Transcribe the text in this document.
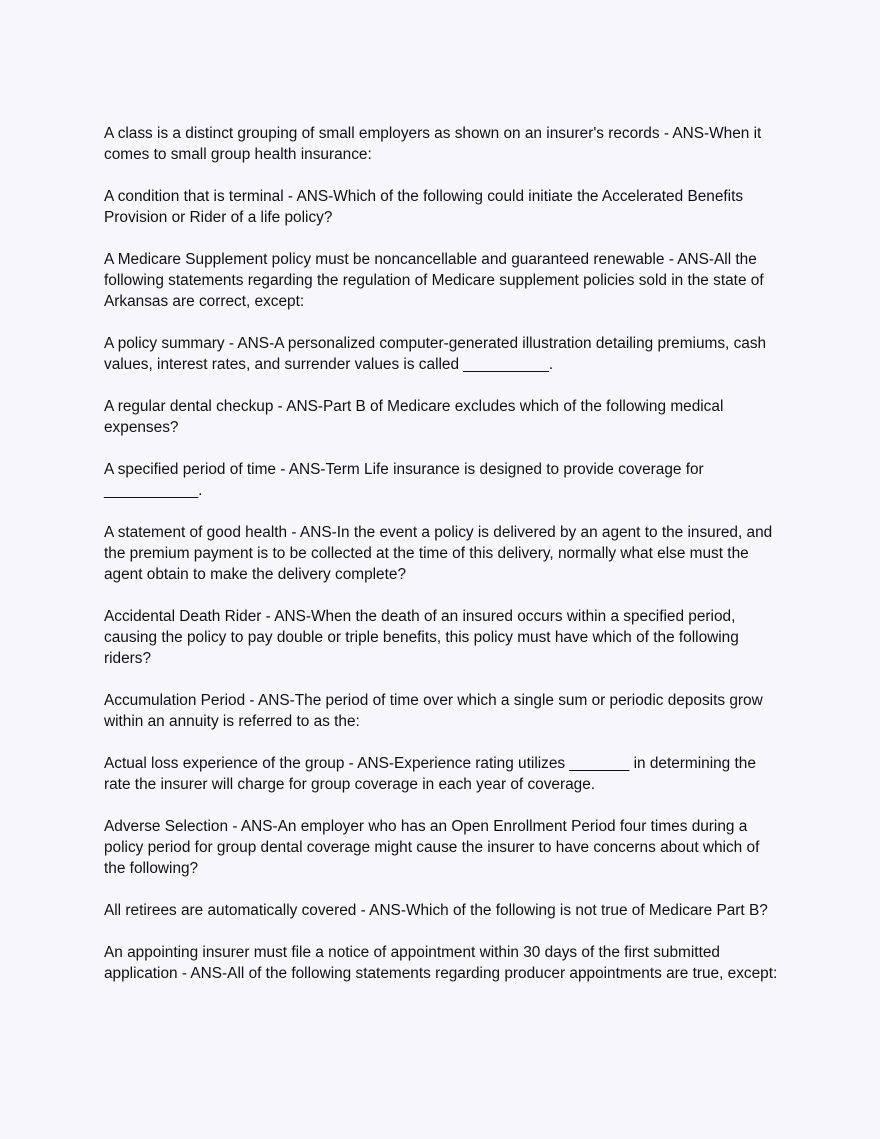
A class is a distinct grouping of small employers as shown on an insurer's records - ANS-When it comes to small group health insurance:

A condition that is terminal - ANS-Which of the following could initiate the Accelerated Benefits Provision or Rider of a life policy?

A Medicare Supplement policy must be noncancellable and guaranteed renewable - ANS-All the following statements regarding the regulation of Medicare supplement policies sold in the state of Arkansas are correct, except:

A policy summary - ANS-A personalized computer-generated illustration detailing premiums, cash values, interest rates, and surrender values is called __________.

A regular dental checkup - ANS-Part B of Medicare excludes which of the following medical expenses?

A specified period of time - ANS-Term Life insurance is designed to provide coverage for ___________.

A statement of good health - ANS-In the event a policy is delivered by an agent to the insured, and the premium payment is to be collected at the time of this delivery, normally what else must the agent obtain to make the delivery complete?

Accidental Death Rider - ANS-When the death of an insured occurs within a specified period, causing the policy to pay double or triple benefits, this policy must have which of the following riders?

Accumulation Period - ANS-The period of time over which a single sum or periodic deposits grow within an annuity is referred to as the:

Actual loss experience of the group - ANS-Experience rating utilizes _______ in determining the rate the insurer will charge for group coverage in each year of coverage.

Adverse Selection - ANS-An employer who has an Open Enrollment Period four times during a policy period for group dental coverage might cause the insurer to have concerns about which of the following?

All retirees are automatically covered - ANS-Which of the following is not true of Medicare Part B?

An appointing insurer must file a notice of appointment within 30 days of the first submitted application - ANS-All of the following statements regarding producer appointments are true, except:
